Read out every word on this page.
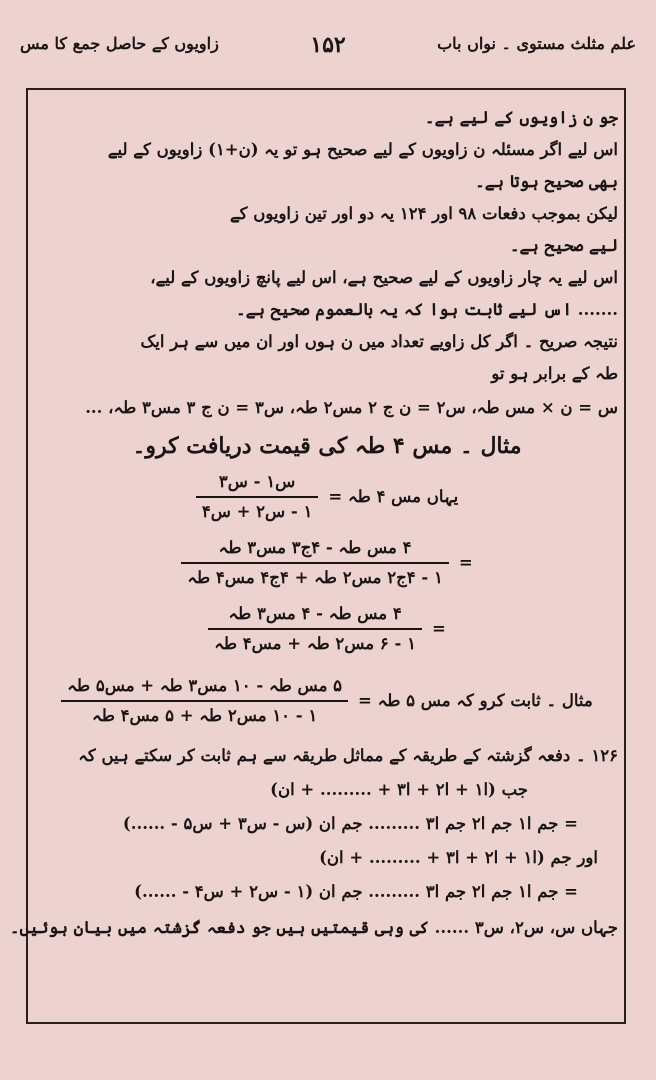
علم مثلث مستوی ۔ نواں باب
۱۵۲
زاویوں کے حاصل جمع کا مس
جو ن زاویوں کے لیے ہے۔
اس لیے اگر مسئلہ ن زاویوں کے لیے صحیح ہو تو یہ (ن+۱) زاویوں کے لیے
بھی صحیح ہوتا ہے۔
لیکن بموجب دفعات ۹۸ اور ۱۲۴ یہ دو اور تین زاویوں کے
لیے صحیح ہے۔
اس لیے یہ چار زاویوں کے لیے صحیح ہے، اس لیے پانچ زاویوں کے لیے،
....... اس لیے ثابت ہوا کہ یہ بالعموم صحیح ہے۔
نتیجہ صریح ۔ اگر کل زاویے تعداد میں ن ہوں اور ان میں سے ہر ایک
طہ کے برابر ہو تو
س = ن × مس طہ، س۲ = ن ج ۲ مس۲ طہ، س۳ = ن ج ۳ مس۳ طہ، ...
مثال ۔ مس ۴ طہ کی قیمت دریافت کرو۔
یہاں مس ۴ طہ =
$\frac{\text{س۱ - س۳}}{\text{۱ - س۲ + س۴}}$
=
$\frac{\text{۴ مس طہ - ۴ج۳ مس۳ طہ}}{\text{۱ - ۴ج۲ مس۲ طہ + ۴ج۴ مس۴ طہ}}$
=
$\frac{\text{۴ مس طہ - ۴ مس۳ طہ}}{\text{۱ - ۶ مس۲ طہ + مس۴ طہ}}$
مثال ۔ ثابت کرو کہ مس ۵ طہ =
$\frac{\text{۵ مس طہ - ۱۰ مس۳ طہ + مس۵ طہ}}{\text{۱ - ۱۰ مس۲ طہ + ۵ مس۴ طہ}}$
۱۲۶ ۔ دفعہ گزشتہ کے طریقہ کے مماثل طریقہ سے ہم ثابت کر سکتے ہیں کہ
جب (ا۱ + ا۲ + ا۳ + ......... + ان)
= جم ا۱ جم ا۲ جم ا۳ ......... جم ان (س - س۳ + س۵ - ......)
اور جم (ا۱ + ا۲ + ا۳ + ......... + ان)
= جم ا۱ جم ا۲ جم ا۳ ......... جم ان (۱ - س۲ + س۴ - ......)
جہاں س، س۲، س۳ ...... کی وہی قیمتیں ہیں جو دفعہ گزشتہ میں بیان ہوئیں۔
